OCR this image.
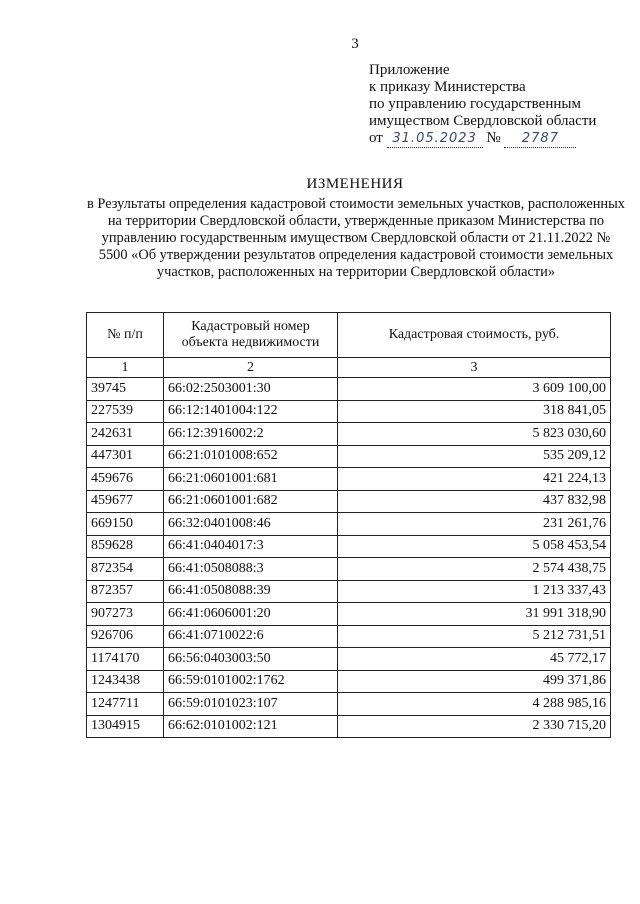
3
Приложение
к приказу Министерства
по управлению государственным
имуществом Свердловской области
от 31.05.2023 № 2787
ИЗМЕНЕНИЯ
в Результаты определения кадастровой стоимости земельных участков, расположенных на территории Свердловской области, утвержденные приказом Министерства по управлению государственным имуществом Свердловской области от 21.11.2022 № 5500 «Об утверждении результатов определения кадастровой стоимости земельных участков, расположенных на территории Свердловской области»
№ п/п	Кадастровый номер объекта недвижимости	Кадастровая стоимость, руб.
1	2	3
39745	66:02:2503001:30	3 609 100,00
227539	66:12:1401004:122	318 841,05
242631	66:12:3916002:2	5 823 030,60
447301	66:21:0101008:652	535 209,12
459676	66:21:0601001:681	421 224,13
459677	66:21:0601001:682	437 832,98
669150	66:32:0401008:46	231 261,76
859628	66:41:0404017:3	5 058 453,54
872354	66:41:0508088:3	2 574 438,75
872357	66:41:0508088:39	1 213 337,43
907273	66:41:0606001:20	31 991 318,90
926706	66:41:0710022:6	5 212 731,51
1174170	66:56:0403003:50	45 772,17
1243438	66:59:0101002:1762	499 371,86
1247711	66:59:0101023:107	4 288 985,16
1304915	66:62:0101002:121	2 330 715,20
